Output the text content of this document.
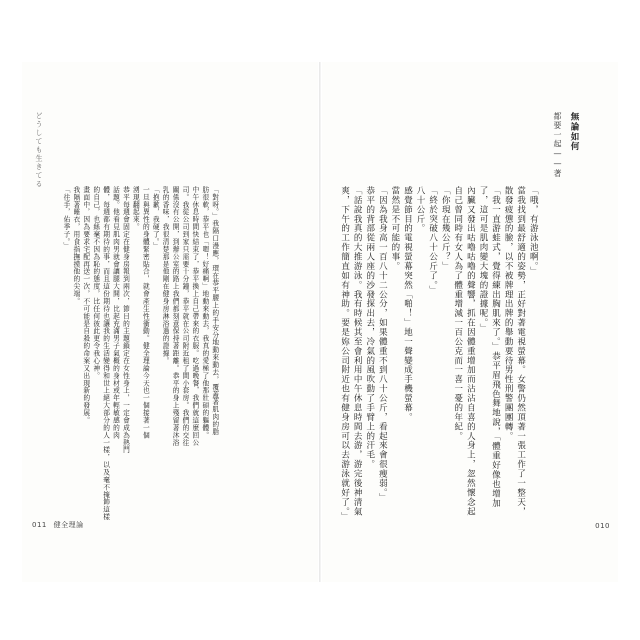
どうしても生きてる
「對呀。」我隔口漫應，環在恭平腰上的手安分地動來動去，覆蓋著肌肉的脂
肪很軟，恭平也「嗯！好痛啊」地動來動去，我真的愛極了他那壯碩的軀體。
中午休息時間快結束了，恭平換上自己帶來的衣服。吃過晚餐，我們就這麼回公
司。我從公司到家只需要十分鐘，恭平就在公司附近租了間小套房。我們的交往
關係沒有公開，到辦公室的路上我們都刻意保持著距離。恭平的身上殘留著沐浴
乳的香味，我很清楚那是他剛在健身房淋浴過的證據。
「抱歉，我硬了。」
一旦與異性的身體緊密貼合，就會產生性衝動。健全理論今天也一個接著一個
湧現翻起來。
恭平每週會固定在健身房報到兩次，節目的主題鎖定在女性身上，一定會成為熱門
話題。他看見肌肉男就會讓腿大開，比起充滿男子氣概的身材或年輕敏感的肉
體，每週都有期待的事，而且這份期待也讓我的生活變得和世上絕大部分的人一樣，以及毫不掩飾這樣
的自己，也絲毫不因為恥的態度，比任何彼此更令我心神。
畫面中，因為要求宅配再送一次，不可能是自殺的命案又出現新的發展。
我隔著睡衣，用食指撫摸他的尖端。
「往手，佑季子。」
011 健全理論
無論如何
都要一起——著
「哦，有游泳池啊。」
當我找到最舒適的姿勢，正好對著電視螢幕。女警仍然頂著一張工作了一整天，
散發疲憊的臉，以不被牌理出牌的舉動要待男性刑警團團轉。
「我一直游蛙式，覺得練出胸肌來了。」恭平眉飛色舞地說，「體重好像也增加
了，這可是肌肉變大塊的證據呢。」
內臟又發出咕嚕咕嚕的聲響，抓在因體重增加而沾沾自喜的人身上，忽然懷念起
自己曾同時有女人為了體重增減一百公克而一喜一憂的年紀。
「你現在幾公斤？」
「終於突破八十公斤了。」
八十公斤。
感覺節目的電視螢幕突然「啪！」地一聲變成手機螢幕。
當然是不可能的事。
「因為我身高一百八十二公分，如果體重不到八十公斤，看起來會很瘦弱。」
恭平的背部從兩人座的沙發探出去，冷氣的風吹動了手臂上的汗毛。
「話說我真的大推游泳。我有時候其至會利用中午休息時間去游，游完後神清氣
爽，下午的工作簡直如有神助。要是妳公司附近也有健身房可以去游泳就好了。」
010
